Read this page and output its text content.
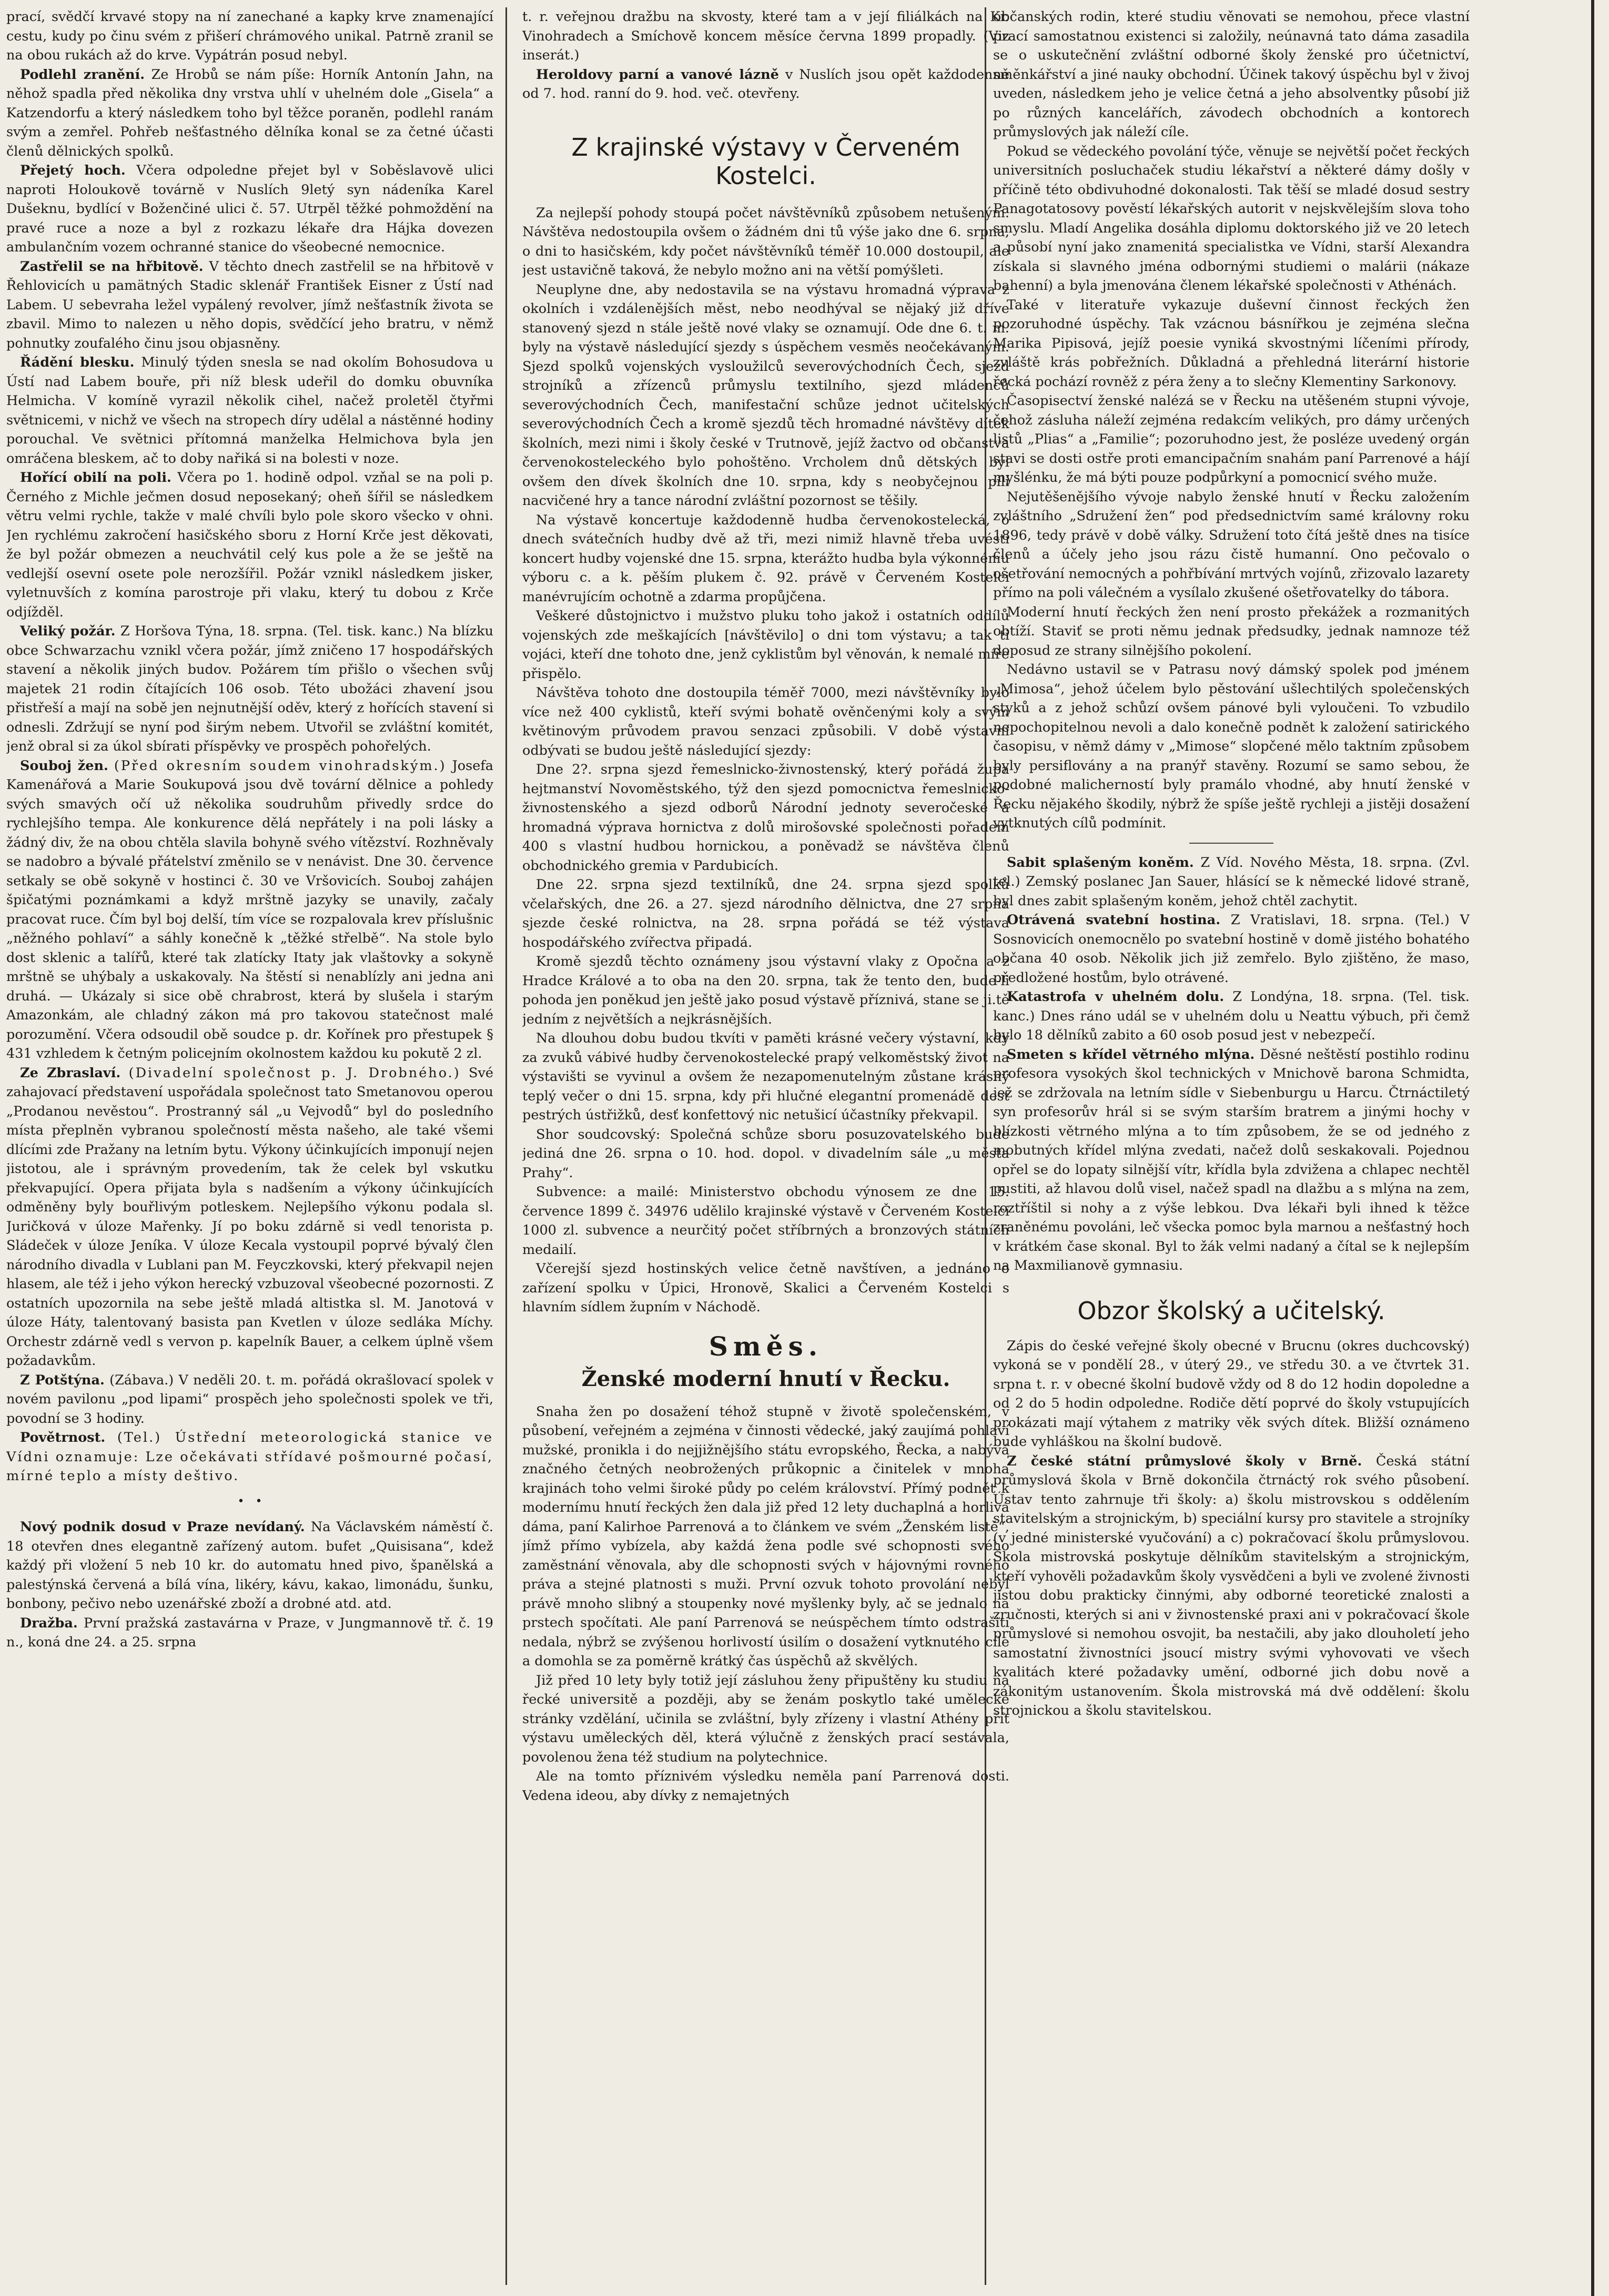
prací, svědčí krvavé stopy na ní zanechané a kapky krve znamenající cestu, kudy po činu svém z přišerí chrámového unikal. Patrně zranil se na obou rukách až do krve. Vypátrán posud nebyl.

Podlehl zranění. Ze Hrobů se nám píše: Horník Antonín Jahn, na něhož spadla před několika dny vrstva uhlí v uhelném dole „Gisela“ a Katzendorfu a který následkem toho byl těžce poraněn, podlehl ranám svým a zemřel. Pohřeb nešťastného dělníka konal se za četné účasti členů dělnických spolků.

Přejetý hoch. Včera odpoledne přejet byl v Soběslavově ulici naproti Holoukově továrně v Nuslích 9letý syn nádeníka Karel Dušeknu, bydlící v Boženčiné ulici č. 57. Utrpěl těžké pohmoždění na pravé ruce a noze a byl z rozkazu lékaře dra Hájka dovezen ambulančním vozem ochranné stanice do všeobecné nemocnice.

Zastřelil se na hřbitově. V těchto dnech zastřelil se na hřbitově v Řehlovicích u pamätných Stadic sklenář František Eisner z Ústí nad Labem. U sebevraha ležel vypálený revolver, jímž nešťastník života se zbavil. Mimo to nalezen u něho dopis, svědčící jeho bratru, v němž pohnutky zoufalého činu jsou objasněny.

Řádění blesku. Minulý týden snesla se nad okolím Bohosudova u Ústí nad Labem bouře, při níž blesk udeřil do domku obuvníka Helmicha. V komíně vyrazil několik cihel, načež proletěl čtyřmi světnicemi, v nichž ve všech na stropech díry udělal a nástěnné hodiny porouchal. Ve světnici přítomná manželka Helmichova byla jen omráčena bleskem, ač to doby nařiká si na bolesti v noze.

Hořící obilí na poli. Včera po 1. hodině odpol. vzňal se na poli p. Černého z Michle ječmen dosud neposekaný; oheň šířil se následkem větru velmi rychle, takže v malé chvíli bylo pole skoro všecko v ohni. Jen rychlému zakročení hasičského sboru z Horní Krče jest děkovati, že byl požár obmezen a neuchvátil celý kus pole a že se ještě na vedlejší osevní osete pole nerozšířil. Požár vznikl následkem jisker, vyletnuvších z komína parostroje při vlaku, který tu dobou z Krče odjížděl.

Veliký požár. Z Horšova Týna, 18. srpna. (Tel. tisk. kanc.) Na blízku obce Schwarzachu vznikl včera požár, jímž zničeno 17 hospodářských stavení a několik jiných budov. Požárem tím přišlo o všechen svůj majetek 21 rodin čítajících 106 osob. Této ubožáci zhavení jsou přistřeší a mají na sobě jen nejnutnější oděv, který z hořících stavení si odnesli. Zdržují se nyní pod širým nebem. Utvořil se zvláštní komitét, jenž obral si za úkol sbírati příspěvky ve prospěch pohořelých.

Souboj žen. (Před okresním soudem vinohradským.) Josefa Kamenářová a Marie Soukupová jsou dvě tovární dělnice a pohledy svých smavých očí už několika soudruhům přivedly srdce do rychlejšího tempa. Ale konkurence dělá nepřátely i na poli lásky a žádný div, že na obou chtěla slavila bohyně svého vítězství. Rozhněvaly se nadobro a bývalé přátelství změnilo se v nenávist. Dne 30. července setkaly se obě sokyně v hostinci č. 30 ve Vršovicích. Souboj zahájen špičatými poznámkami a když mrštně jazyky se unavily, začaly pracovat ruce. Čím byl boj delší, tím více se rozpalovala krev příslušnic „něžného pohlaví“ a sáhly konečně k „těžké střelbě“. Na stole bylo dost sklenic a talířů, které tak zlatícky Itaty jak vlaštovky a sokyně mrštně se uhýbaly a uskakovaly. Na štěstí si nenablízly ani jedna ani druhá. — Ukázaly si sice obě chrabrost, která by slušela i starým Amazonkám, ale chladný zákon má pro takovou statečnost malé porozumění. Včera odsoudil obě soudce p. dr. Kořínek pro přestupek § 431 vzhledem k četným policejním okolnostem každou ku pokutě 2 zl.

Ze Zbraslaví. (Divadelní společnost p. J. Drobného.) Své zahajovací představení uspořádala společnost tato Smetanovou operou „Prodanou nevěstou“. Prostranný sál „u Vejvodů“ byl do posledního místa přeplněn vybranou společností města našeho, ale také všemi dlícími zde Pražany na letním bytu. Výkony účinkujících imponují nejen jistotou, ale i správným provedením, tak že celek byl vskutku překvapující. Opera přijata byla s nadšením a výkony účinkujících odměněny byly bouřlivým potleskem. Nejlepšího výkonu podala sl. Juričková v úloze Mařenky. Jí po boku zdárně si vedl tenorista p. Sládeček v úloze Jeníka. V úloze Kecala vystoupil poprvé bývalý člen národního divadla v Lublani pan M. Feyczkovski, který překvapil nejen hlasem, ale též i jeho výkon herecký vzbuzoval všeobecné pozornosti. Z ostatních upozornila na sebe ještě mladá altistka sl. M. Janotová v úloze Háty, talentovaný basista pan Kvetlen v úloze sedláka Míchy. Orchestr zdárně vedl s vervon p. kapelník Bauer, a celkem úplně všem požadavkům.

Z Potštýna. (Zábava.) V neděli 20. t. m. pořádá okrašlovací spolek v novém pavilonu „pod lipami“ prospěch jeho společnosti spolek ve tři, povodní se 3 hodiny.

Povětrnost. (Tel.) Ústřední meteorologická stanice ve Vídni oznamuje: Lze očekávati střídavé pošmourné počasí, mírné teplo a místy deštivo.

•   •

Nový podnik dosud v Praze nevídaný. Na Václavském náměstí č. 18 otevřen dnes elegantně zařízený autom. bufet „Quisisana“, kdež každý při vložení 5 neb 10 kr. do automatu hned pivo, španělská a palestýnská červená a bílá vína, likéry, kávu, kakao, limonádu, šunku, bonbony, pečivo nebo uzenářské zboží a drobné atd. atd.

Dražba. První pražská zastavárna v Praze, v Jungmannově tř. č. 19 n., koná dne 24. a 25. srpna

t. r. veřejnou dražbu na skvosty, které tam a v její filiálkách na Kr. Vinohradech a Smíchově koncem měsíce června 1899 propadly. (Viz inserát.)

Heroldovy parní a vanové lázně v Nuslích jsou opět každodenně od 7. hod. ranní do 9. hod. več. otevřeny.

Z krajinské výstavy v Červeném Kostelci.

Za nejlepší pohody stoupá počet návštěvníků způsobem netušeným. Návštěva nedostoupila ovšem o žádném dni tů výše jako dne 6. srpna, o dni to hasičském, kdy počet návštěvníků téměř 10.000 dostoupil, ale jest ustavičně taková, že nebylo možno ani na větší pomýšleti.

Neuplyne dne, aby nedostavila se na výstavu hromadná výprava z okolních i vzdálenějších měst, nebo neodhýval se nějaký již dříve stanovený sjezd n stále ještě nové vlaky se oznamují. Ode dne 6. t. m. byly na výstavě následující sjezdy s úspěchem vesměs neočekávaným. Sjezd spolků vojenských vysloužilců severovýchodních Čech, sjezd strojníků a zřízenců průmyslu textilního, sjezd mládenců severovýchodních Čech, manifestační schůze jednot učitelských severovýchodních Čech a kromě sjezdů těch hromadné návštěvy dítek školních, mezi nimi i školy české v Trutnově, jejíž žactvo od občanstva červenokosteleckého bylo pohoštěno. Vrcholem dnů dětských byl ovšem den dívek školních dne 10. srpna, kdy s neobyčejnou pílí nacvičené hry a tance národní zvláštní pozornost se těšily.

Na výstavě koncertuje každodenně hudba červenokostelecká, o dnech svátečních hudby dvě až tři, mezi nimiž hlavně třeba uvésti koncert hudby vojenské dne 15. srpna, kterážto hudba byla výkonnému výboru c. a k. pěším plukem č. 92. právě v Červeném Kostelci manévrujícím ochotně a zdarma propůjčena.

Veškeré důstojnictvo i mužstvo pluku toho jakož i ostatních oddílů vojenských zde meškajících [návštěvilo] o dni tom výstavu; a tak ti vojáci, kteří dne tohoto dne, jenž cyklistům byl věnován, k nemalé míře přispělo.

Návštěva tohoto dne dostoupila téměř 7000, mezi návštěvníky bylo více než 400 cyklistů, kteří svými bohatě ověnčenými koly a svým květinovým průvodem pravou senzaci způsobili. V době výstavní odbývati se budou ještě následující sjezdy:

Dne 2?. srpna sjezd řemeslnicko-živnostenský, který pořádá župa hejtmanství Novoměstského, týž den sjezd pomocnictva řemeslnicko-živnostenského a sjezd odborů Národní jednoty severočeské a hromadná výprava hornictva z dolů mirošovské společnosti pořadem 400 s vlastní hudbou hornickou, a poněvadž se návštěva členů obchodnického gremia v Pardubicích.

Dne 22. srpna sjezd textilníků, dne 24. srpna sjezd spolků včelařských, dne 26. a 27. sjezd národního dělnictva, dne 27 srpna sjezde české rolnictva, na 28. srpna pořádá se též výstava hospodářského zvířectva připadá.

Kromě sjezdů těchto oznámeny jsou výstavní vlaky z Opočna a z Hradce Králové a to oba na den 20. srpna, tak že tento den, bude-li pohoda jen poněkud jen ještě jako posud výstavě příznivá, stane se ji.tě jedním z největších a nejkrásnějších.

Na dlouhou dobu budou tkvíti v paměti krásné večery výstavní, kdy za zvuků vábivé hudby červenokostelecké prapý velkoměstský život na výstavišti se vyvinul a ovšem že nezapomenutelným zůstane krásný teplý večer o dni 15. srpna, kdy při hlučné elegantní promenádě dest pestrých ústřižků, desť konfettový nic netušicí účastníky překvapil.

Shor soudcovský: Společná schůze sboru posuzovatelského bude jediná dne 26. srpna o 10. hod. dopol. v divadelním sále „u města Prahy“.

Subvence: a mailé: Ministerstvo obchodu výnosem ze dne 15. července 1899 č. 34976 udělilo krajinské výstavě v Červeném Kostelci 1000 zl. subvence a neurčitý počet stříbrných a bronzových státních medailí.

Včerejší sjezd hostinských velice četně navštíven, a jednáno o zařízení spolku v Úpici, Hronově, Skalici a Červeném Kostelci s hlavním sídlem župním v Náchodě.

Směs.
Ženské moderní hnutí v Řecku.

Snaha žen po dosažení téhož stupně v životě společenském, v působení, veřejném a zejména v činnosti vědecké, jaký zaujímá pohlaví mužské, pronikla i do nejjižnějšího státu evropského, Řecka, a nabývá značného četných neobrožených průkopnic a činitelek v mnoha krajinách toho velmi široké půdy po celém království. Přímý podnět k modernímu hnutí řeckých žen dala již před 12 lety duchaplná a horlivá dáma, paní Kalirhoe Parrenová a to článkem ve svém „Ženském listě“, jímž přímo vybízela, aby každá žena podle své schopnosti svého zaměstnání věnovala, aby dle schopnosti svých v hájovnými rovného práva a stejné platnosti s muži. První ozvuk tohoto provolání nebyl právě mnoho slibný a stoupenky nové myšlenky byly, ač se jednalo na prstech spočítati. Ale paní Parrenová se neúspěchem tímto odstrašiti nedala, nýbrž se zvýšenou horlivostí úsilím o dosažení vytknutého cíle a domohla se za poměrně krátký čas úspěchů až skvělých.

Již před 10 lety byly totiž její zásluhou ženy připuštěny ku studiu na řecké universitě a později, aby se ženám poskytlo také umělecké stránky vzdělání, učinila se zvláštní, byly zřízeny i vlastní Athény přít výstavu uměleckých děl, která výlučně z ženských prací sestávala, povolenou žena též studium na polytechnice.

Ale na tomto příznivém výsledku neměla paní Parrenová dosti. Vedena ideou, aby dívky z nemajetných

občanských rodin, které studiu věnovati se nemohou, přece vlastní prací samostatnou existenci si založily, neúnavná tato dáma zasadila se o uskutečnění zvláštní odborné školy ženské pro účetnictví, směnkářství a jiné nauky obchodní. Účinek takový úspěchu byl v živoj uveden, následkem jeho je velice četná a jeho absolventky působí již po různých kancelářích, závodech obchodních a kontorech průmyslových jak náleží cíle.

Pokud se vědeckého povolání týče, věnuje se největší počet řeckých universitních posluchaček studiu lékařství a některé dámy došly v příčině této obdivuhodné dokonalosti. Tak těší se mladé dosud sestry Panagotatosovy pověstí lékařských autorit v nejskvělejším slova toho smyslu. Mladí Angelika dosáhla diplomu doktorského již ve 20 letech a působí nyní jako znamenitá specialistka ve Vídni, starší Alexandra získala si slavného jména odbornými studiemi o malárii (nákaze bahenní) a byla jmenována členem lékařské společnosti v Athénách.

Také v literatuře vykazuje duševní činnost řeckých žen pozoruhodné úspěchy. Tak vzácnou básnířkou je zejména slečna Marika Pipisová, jejíž poesie vyniká skvostnými líčeními přírody, zvláště krás pobřežních. Důkladná a přehledná literární historie řecká pochází rovněž z péra ženy a to slečny Klementiny Sarkonovy.

Časopisectví ženské nalézá se v Řecku na utěšeném stupni vývoje, čehož zásluha náleží zejména redakcím velikých, pro dámy určených listů „Plias“ a „Familie“; pozoruhodno jest, že posléze uvedený orgán stavi se dosti ostře proti emancipačním snahám paní Parrenové a hájí myšlénku, že má býti pouze podpůrkyní a pomocnicí svého muže.

Nejutěšenějšího vývoje nabylo ženské hnutí v Řecku založením zvláštního „Sdružení žen“ pod předsednictvím samé královny roku 1896, tedy právě v době války. Sdružení toto čítá ještě dnes na tisíce členů a účely jeho jsou rázu čistě humanní. Ono pečovalo o ošetřování nemocných a pohřbívání mrtvých vojínů, zřizovalo lazarety přímo na poli válečném a vysílalo zkušené ošetřovatelky do tábora.

Moderní hnutí řeckých žen není prosto překážek a rozmanitých obtíží. Staviť se proti němu jednak předsudky, jednak namnoze též doposud ze strany silnějšího pokolení.

Nedávno ustavil se v Patrasu nový dámský spolek pod jménem „Mimosa“, jehož účelem bylo pěstování ušlechtilých společenských styků a z jehož schůzí ovšem pánové byli vyloučeni. To vzbudilo nepochopitelnou nevoli a dalo konečně podnět k založení satirického časopisu, v němž dámy v „Mimose“ slopčené mělo taktním způsobem byly persiflovány a na pranýř stavěny. Rozumí se samo sebou, že podobné malicherností byly pramálo vhodné, aby hnutí ženské v Řecku nějakého škodily, nýbrž že spíše ještě rychleji a jistěji dosažení vytknutých cílů podmínit.

Sabit splašeným koněm. Z Víd. Nového Města, 18. srpna. (Zvl. tel.) Zemský poslanec Jan Sauer, hlásící se k německé lidové straně, byl dnes zabit splašeným koněm, jehož chtěl zachytit.

Otrávená svatební hostina. Z Vratislavi, 18. srpna. (Tel.) V Sosnovicích onemocnělo po svatební hostině v domě jistého bohatého občana 40 osob. Několik jich již zemřelo. Bylo zjištěno, že maso, předložené hostům, bylo otrávené.

Katastrofa v uhelném dolu. Z Londýna, 18. srpna. (Tel. tisk. kanc.) Dnes ráno udál se v uhelném dolu u Neattu výbuch, při čemž bylo 18 dělníků zabito a 60 osob posud jest v nebezpečí.

Smeten s křídel větrného mlýna. Děsné neštěstí postihlo rodinu profesora vysokých škol technických v Mnichově barona Schmidta, jež se zdržovala na letním sídle v Siebenburgu u Harcu. Čtrnáctiletý syn profesorův hrál si se svým starším bratrem a jinými hochy v blízkosti větrného mlýna a to tím způsobem, že se od jedného z mobutných křídel mlýna zvedati, načež dolů seskakovali. Pojednou opřel se do lopaty silnější vítr, křídla byla zdvižena a chlapec nechtěl pustiti, až hlavou dolů visel, načež spadl na dlažbu a s mlýna na zem, roztříštil si nohy a z výše lebkou. Dva lékaři byli ihned k těžce zraněnému povoláni, leč všecka pomoc byla marnou a nešťastný hoch v krátkém čase skonal. Byl to žák velmi nadaný a čítal se k nejlepším na Maxmilianově gymnasiu.

Obzor školský a učitelský.

Zápis do české veřejné školy obecné v Brucnu (okres duchcovský) vykoná se v pondělí 28., v úterý 29., ve středu 30. a ve čtvrtek 31. srpna t. r. v obecné školní budově vždy od 8 do 12 hodin dopoledne a od 2 do 5 hodin odpoledne. Rodiče dětí poprvé do školy vstupujících prokázati mají výtahem z matriky věk svých dítek. Bližší oznámeno bude vyhláškou na školní budově.

Z české státní průmyslové školy v Brně. Česká státní průmyslová škola v Brně dokončila čtrnáctý rok svého působení. Ústav tento zahrnuje tři školy: a) školu mistrovskou s oddělením stavitelským a strojnickým, b) speciální kursy pro stavitele a strojníky (v jedné ministerské vyučování) a c) pokračovací školu průmyslovou. Škola mistrovská poskytuje dělníkům stavitelským a strojnickým, kteří vyhověli požadavkům školy vysvědčeni a byli ve zvolené živnosti jistou dobu prakticky činnými, aby odborné teoretické znalosti a zručnosti, kterých si ani v živnostenské praxi ani v pokračovací škole průmyslové si nemohou osvojit, ba nestačili, aby jako dlouholetí jeho samostatní živnostníci jsoucí mistry svými vyhovovati ve všech kvalitách které požadavky umění, odborné jich dobu nově a zákonitým ustanovením. Škola mistrovská má dvě oddělení: školu strojnickou a školu stavitelskou.
